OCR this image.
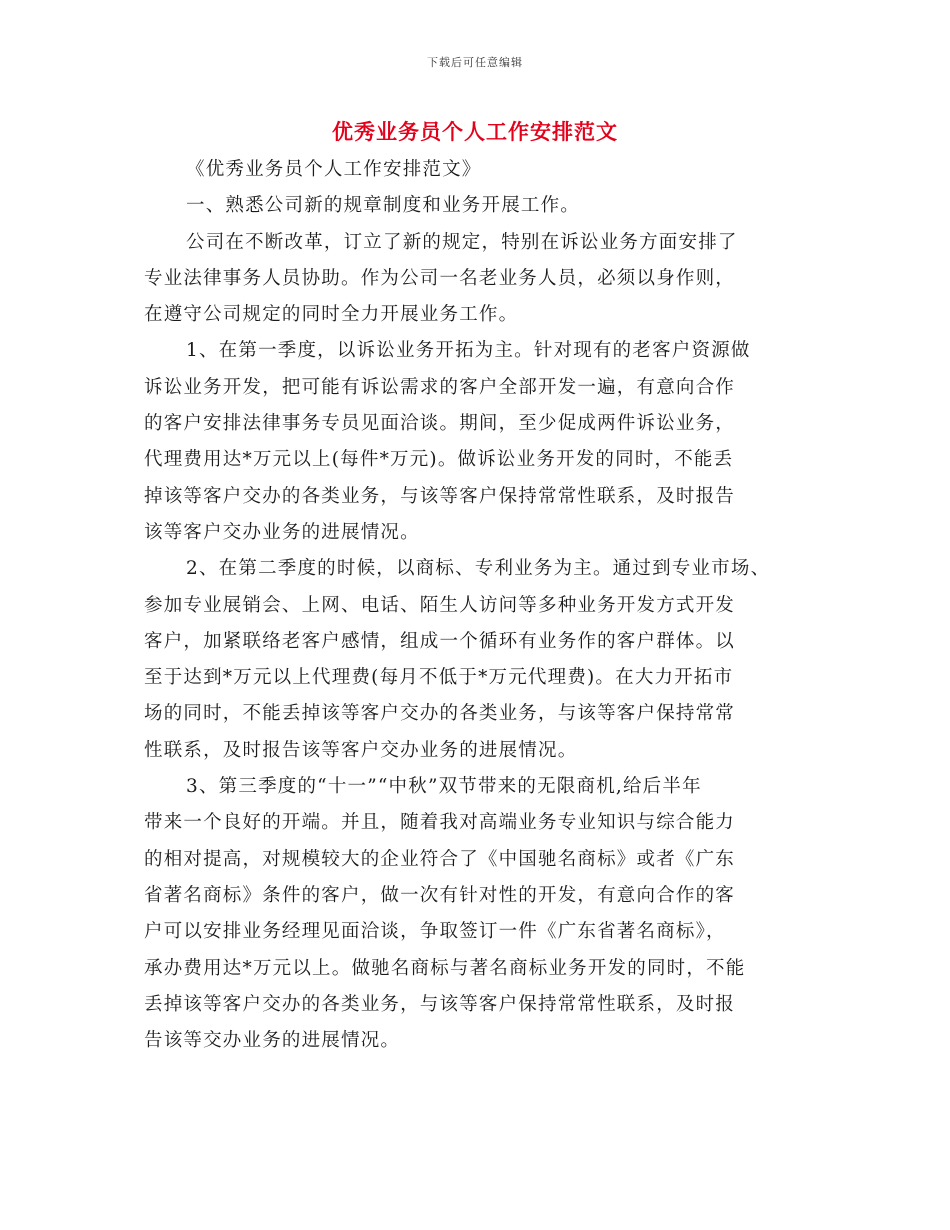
下载后可任意编辑
优秀业务员个人工作安排范文
《优秀业务员个人工作安排范文》
一、熟悉公司新的规章制度和业务开展工作。
公司在不断改革，订立了新的规定，特别在诉讼业务方面安排了
专业法律事务人员协助。作为公司一名老业务人员，必须以身作则，
在遵守公司规定的同时全力开展业务工作。
1、在第一季度，以诉讼业务开拓为主。针对现有的老客户资源做
诉讼业务开发，把可能有诉讼需求的客户全部开发一遍，有意向合作
的客户安排法律事务专员见面洽谈。期间，至少促成两件诉讼业务，
代理费用达*万元以上(每件*万元)。做诉讼业务开发的同时，不能丢
掉该等客户交办的各类业务，与该等客户保持常常性联系，及时报告
该等客户交办业务的进展情况。
2、在第二季度的时候，以商标、专利业务为主。通过到专业市场、
参加专业展销会、上网、电话、陌生人访问等多种业务开发方式开发
客户，加紧联络老客户感情，组成一个循环有业务作的客户群体。以
至于达到*万元以上代理费(每月不低于*万元代理费)。在大力开拓市
场的同时，不能丢掉该等客户交办的各类业务，与该等客户保持常常
性联系，及时报告该等客户交办业务的进展情况。
3、第三季度的“十一”“中秋”双节带来的无限商机,给后半年
带来一个良好的开端。并且，随着我对高端业务专业知识与综合能力
的相对提高，对规模较大的企业符合了《中国驰名商标》或者《广东
省著名商标》条件的客户，做一次有针对性的开发，有意向合作的客
户可以安排业务经理见面洽谈，争取签订一件《广东省著名商标》，
承办费用达*万元以上。做驰名商标与著名商标业务开发的同时，不能
丢掉该等客户交办的各类业务，与该等客户保持常常性联系，及时报
告该等交办业务的进展情况。
